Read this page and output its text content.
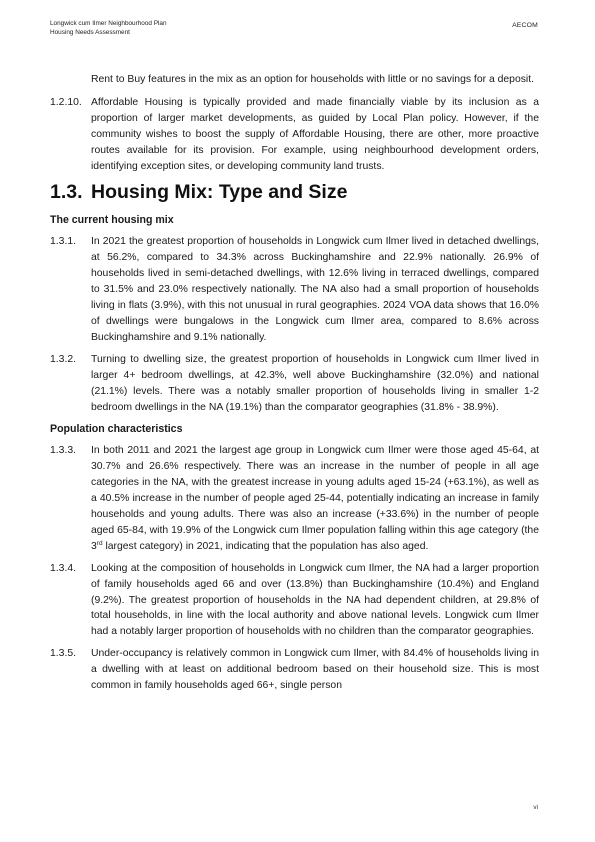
Longwick cum Ilmer Neighbourhood Plan
Housing Needs Assessment
AECOM

Rent to Buy features in the mix as an option for households with little or no savings for a deposit.

1.2.10. Affordable Housing is typically provided and made financially viable by its inclusion as a proportion of larger market developments, as guided by Local Plan policy. However, if the community wishes to boost the supply of Affordable Housing, there are other, more proactive routes available for its provision. For example, using neighbourhood development orders, identifying exception sites, or developing community land trusts.

1.3. Housing Mix: Type and Size
The current housing mix

1.3.1. In 2021 the greatest proportion of households in Longwick cum Ilmer lived in detached dwellings, at 56.2%, compared to 34.3% across Buckinghamshire and 22.9% nationally. 26.9% of households lived in semi-detached dwellings, with 12.6% living in terraced dwellings, compared to 31.5% and 23.0% respectively nationally. The NA also had a small proportion of households living in flats (3.9%), with this not unusual in rural geographies. 2024 VOA data shows that 16.0% of dwellings were bungalows in the Longwick cum Ilmer area, compared to 8.6% across Buckinghamshire and 9.1% nationally.

1.3.2. Turning to dwelling size, the greatest proportion of households in Longwick cum Ilmer lived in larger 4+ bedroom dwellings, at 42.3%, well above Buckinghamshire (32.0%) and national (21.1%) levels. There was a notably smaller proportion of households living in smaller 1-2 bedroom dwellings in the NA (19.1%) than the comparator geographies (31.8% - 38.9%).

Population characteristics

1.3.3. In both 2011 and 2021 the largest age group in Longwick cum Ilmer were those aged 45-64, at 30.7% and 26.6% respectively. There was an increase in the number of people in all age categories in the NA, with the greatest increase in young adults aged 15-24 (+63.1%), as well as a 40.5% increase in the number of people aged 25-44, potentially indicating an increase in family households and young adults. There was also an increase (+33.6%) in the number of people aged 65-84, with 19.9% of the Longwick cum Ilmer population falling within this age category (the 3rd largest category) in 2021, indicating that the population has also aged.

1.3.4. Looking at the composition of households in Longwick cum Ilmer, the NA had a larger proportion of family households aged 66 and over (13.8%) than Buckinghamshire (10.4%) and England (9.2%). The greatest proportion of households in the NA had dependent children, at 29.8% of total households, in line with the local authority and above national levels. Longwick cum Ilmer had a notably larger proportion of households with no children than the comparator geographies.

1.3.5. Under-occupancy is relatively common in Longwick cum Ilmer, with 84.4% of households living in a dwelling with at least on additional bedroom based on their household size. This is most common in family households aged 66+, single person

vi
